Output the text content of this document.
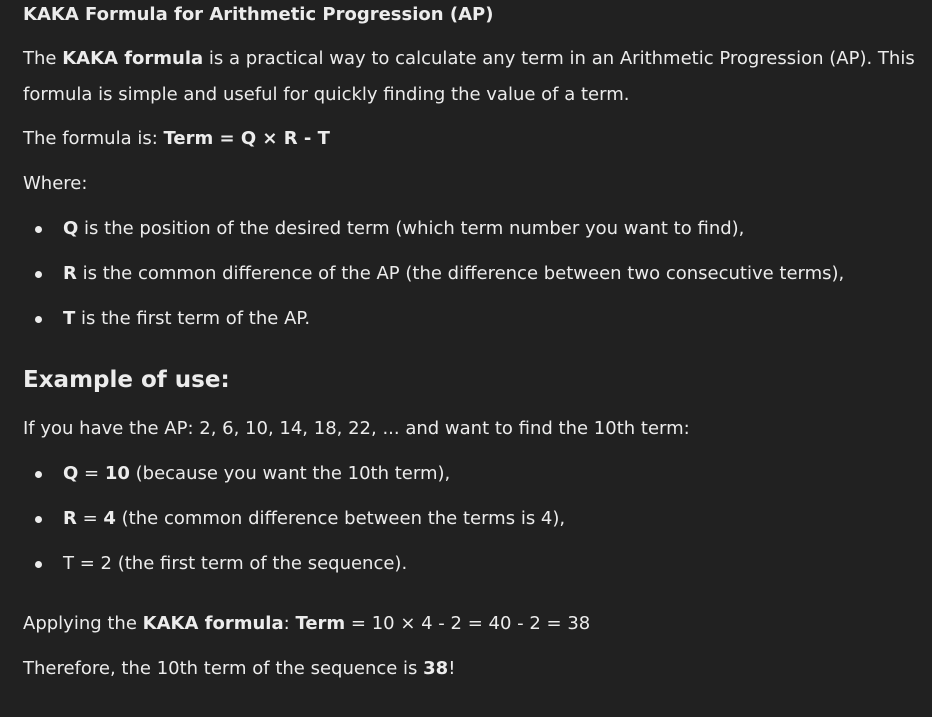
KAKA Formula for Arithmetic Progression (AP)
The KAKA formula is a practical way to calculate any term in an Arithmetic Progression (AP). This
formula is simple and useful for quickly finding the value of a term.
The formula is: Term = Q × R - T
Where:
Q is the position of the desired term (which term number you want to find),
R is the common difference of the AP (the difference between two consecutive terms),
T is the first term of the AP.
Example of use:
If you have the AP: 2, 6, 10, 14, 18, 22, ... and want to find the 10th term:
Q = 10 (because you want the 10th term),
R = 4 (the common difference between the terms is 4),
T = 2 (the first term of the sequence).
Applying the KAKA formula: Term = 10 × 4 - 2 = 40 - 2 = 38
Therefore, the 10th term of the sequence is 38!
